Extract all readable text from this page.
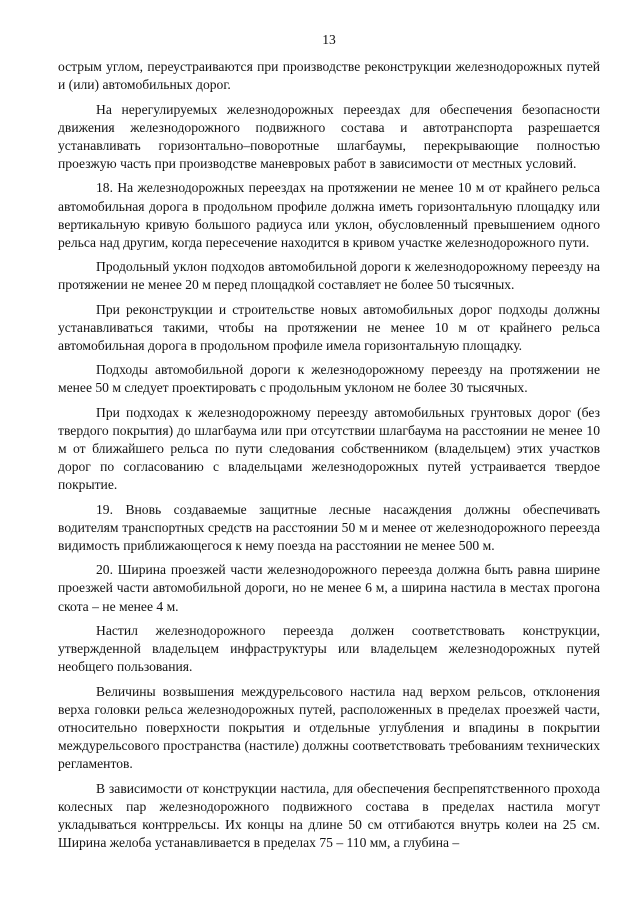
13

острым углом, переустраиваются при производстве реконструкции железнодорожных путей и (или) автомобильных дорог.

На нерегулируемых железнодорожных переездах для обеспечения безопасности движения железнодорожного подвижного состава и автотранспорта разрешается устанавливать горизонтально–поворотные шлагбаумы, перекрывающие полностью проезжую часть при производстве маневровых работ в зависимости от местных условий.

18. На железнодорожных переездах на протяжении не менее 10 м от крайнего рельса автомобильная дорога в продольном профиле должна иметь горизонтальную площадку или вертикальную кривую большого радиуса или уклон, обусловленный превышением одного рельса над другим, когда пересечение находится в кривом участке железнодорожного пути.

Продольный уклон подходов автомобильной дороги к железнодорожному переезду на протяжении не менее 20 м перед площадкой составляет не более 50 тысячных.

При реконструкции и строительстве новых автомобильных дорог подходы должны устанавливаться такими, чтобы на протяжении не менее 10 м от крайнего рельса автомобильная дорога в продольном профиле имела горизонтальную площадку.

Подходы автомобильной дороги к железнодорожному переезду на протяжении не менее 50 м следует проектировать с продольным уклоном не более 30 тысячных.

При подходах к железнодорожному переезду автомобильных грунтовых дорог (без твердого покрытия) до шлагбаума или при отсутствии шлагбаума на расстоянии не менее 10 м от ближайшего рельса по пути следования собственником (владельцем) этих участков дорог по согласованию с владельцами железнодорожных путей устраивается твердое покрытие.

19. Вновь создаваемые защитные лесные насаждения должны обеспечивать водителям транспортных средств на расстоянии 50 м и менее от железнодорожного переезда видимость приближающегося к нему поезда на расстоянии не менее 500 м.

20. Ширина проезжей части железнодорожного переезда должна быть равна ширине проезжей части автомобильной дороги, но не менее 6 м, а ширина настила в местах прогона скота – не менее 4 м.

Настил железнодорожного переезда должен соответствовать конструкции, утвержденной владельцем инфраструктуры или владельцем железнодорожных путей необщего пользования.

Величины возвышения междурельсового настила над верхом рельсов, отклонения верха головки рельса железнодорожных путей, расположенных в пределах проезжей части, относительно поверхности покрытия и отдельные углубления и впадины в покрытии междурельсового пространства (настиле) должны соответствовать требованиям технических регламентов.

В зависимости от конструкции настила, для обеспечения беспрепятственного прохода колесных пар железнодорожного подвижного состава в пределах настила могут укладываться контррельсы. Их концы на длине 50 см отгибаются внутрь колеи на 25 см. Ширина желоба устанавливается в пределах 75 – 110 мм, а глубина –
